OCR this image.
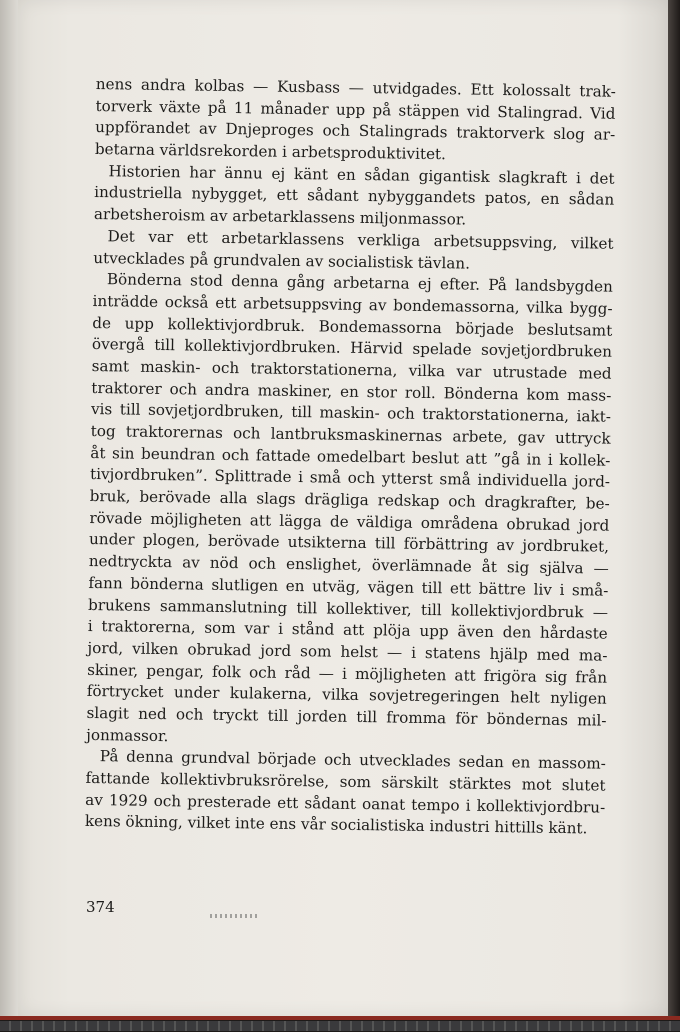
nens andra kolbas — Kusbass — utvidgades. Ett kolossalt trak-
torverk växte på 11 månader upp på stäppen vid Stalingrad. Vid
uppförandet av Dnjeproges och Stalingrads traktorverk slog ar-
betarna världsrekorden i arbetsproduktivitet.
Historien har ännu ej känt en sådan gigantisk slagkraft i det
industriella nybygget, ett sådant nybyggandets patos, en sådan
arbetsheroism av arbetarklassens miljonmassor.
Det var ett arbetarklassens verkliga arbetsuppsving, vilket
utvecklades på grundvalen av socialistisk tävlan.
Bönderna stod denna gång arbetarna ej efter. På landsbygden
inträdde också ett arbetsuppsving av bondemassorna, vilka bygg-
de upp kollektivjordbruk. Bondemassorna började beslutsamt
övergå till kollektivjordbruken. Härvid spelade sovjetjordbruken
samt maskin- och traktorstationerna, vilka var utrustade med
traktorer och andra maskiner, en stor roll. Bönderna kom mass-
vis till sovjetjordbruken, till maskin- och traktorstationerna, iakt-
tog traktorernas och lantbruksmaskinernas arbete, gav uttryck
åt sin beundran och fattade omedelbart beslut att ”gå in i kollek-
tivjordbruken”. Splittrade i små och ytterst små individuella jord-
bruk, berövade alla slags drägliga redskap och dragkrafter, be-
rövade möjligheten att lägga de väldiga områdena obrukad jord
under plogen, berövade utsikterna till förbättring av jordbruket,
nedtryckta av nöd och enslighet, överlämnade åt sig själva —
fann bönderna slutligen en utväg, vägen till ett bättre liv i små-
brukens sammanslutning till kollektiver, till kollektivjordbruk —
i traktorerna, som var i stånd att plöja upp även den hårdaste
jord, vilken obrukad jord som helst — i statens hjälp med ma-
skiner, pengar, folk och råd — i möjligheten att frigöra sig från
förtrycket under kulakerna, vilka sovjetregeringen helt nyligen
slagit ned och tryckt till jorden till fromma för böndernas mil-
jonmassor.
På denna grundval började och utvecklades sedan en massom-
fattande kollektivbruksrörelse, som särskilt stärktes mot slutet
av 1929 och presterade ett sådant oanat tempo i kollektivjordbru-
kens ökning, vilket inte ens vår socialistiska industri hittills känt.
374
